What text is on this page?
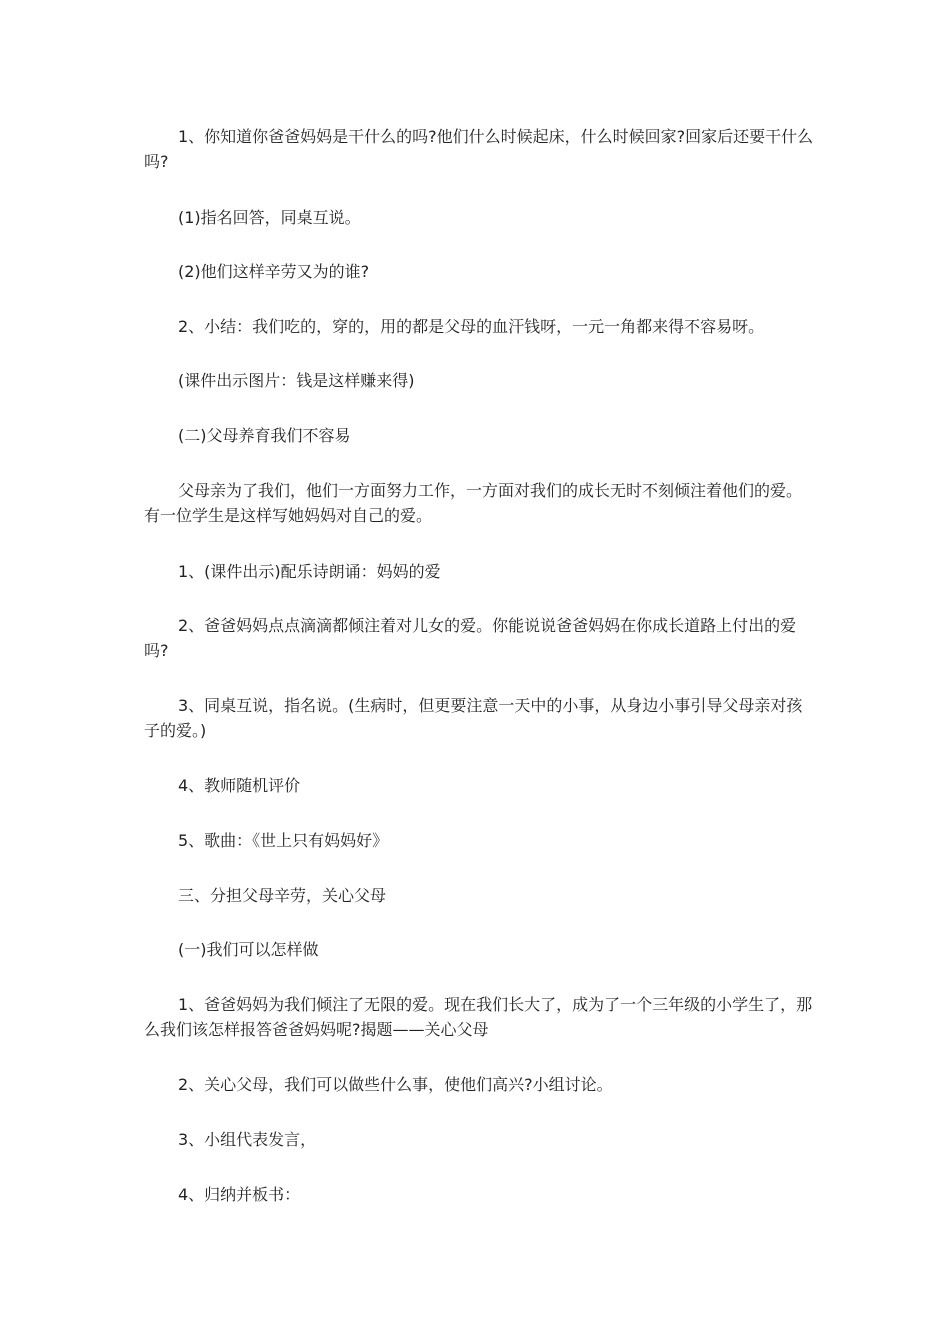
1、你知道你爸爸妈妈是干什么的吗?他们什么时候起床，什么时候回家?回家后还要干什么吗?

(1)指名回答，同桌互说。

(2)他们这样辛劳又为的谁?

2、小结：我们吃的，穿的，用的都是父母的血汗钱呀，一元一角都来得不容易呀。

(课件出示图片：钱是这样赚来得)

(二)父母养育我们不容易

父母亲为了我们，他们一方面努力工作，一方面对我们的成长无时不刻倾注着他们的爱。有一位学生是这样写她妈妈对自己的爱。

1、(课件出示)配乐诗朗诵：妈妈的爱

2、爸爸妈妈点点滴滴都倾注着对儿女的爱。你能说说爸爸妈妈在你成长道路上付出的爱吗?

3、同桌互说，指名说。(生病时，但更要注意一天中的小事，从身边小事引导父母亲对孩子的爱。)

4、教师随机评价

5、歌曲：《世上只有妈妈好》

三、分担父母辛劳，关心父母

(一)我们可以怎样做

1、爸爸妈妈为我们倾注了无限的爱。现在我们长大了，成为了一个三年级的小学生了，那么我们该怎样报答爸爸妈妈呢?揭题——关心父母

2、关心父母，我们可以做些什么事，使他们高兴?小组讨论。

3、小组代表发言，

4、归纳并板书：
